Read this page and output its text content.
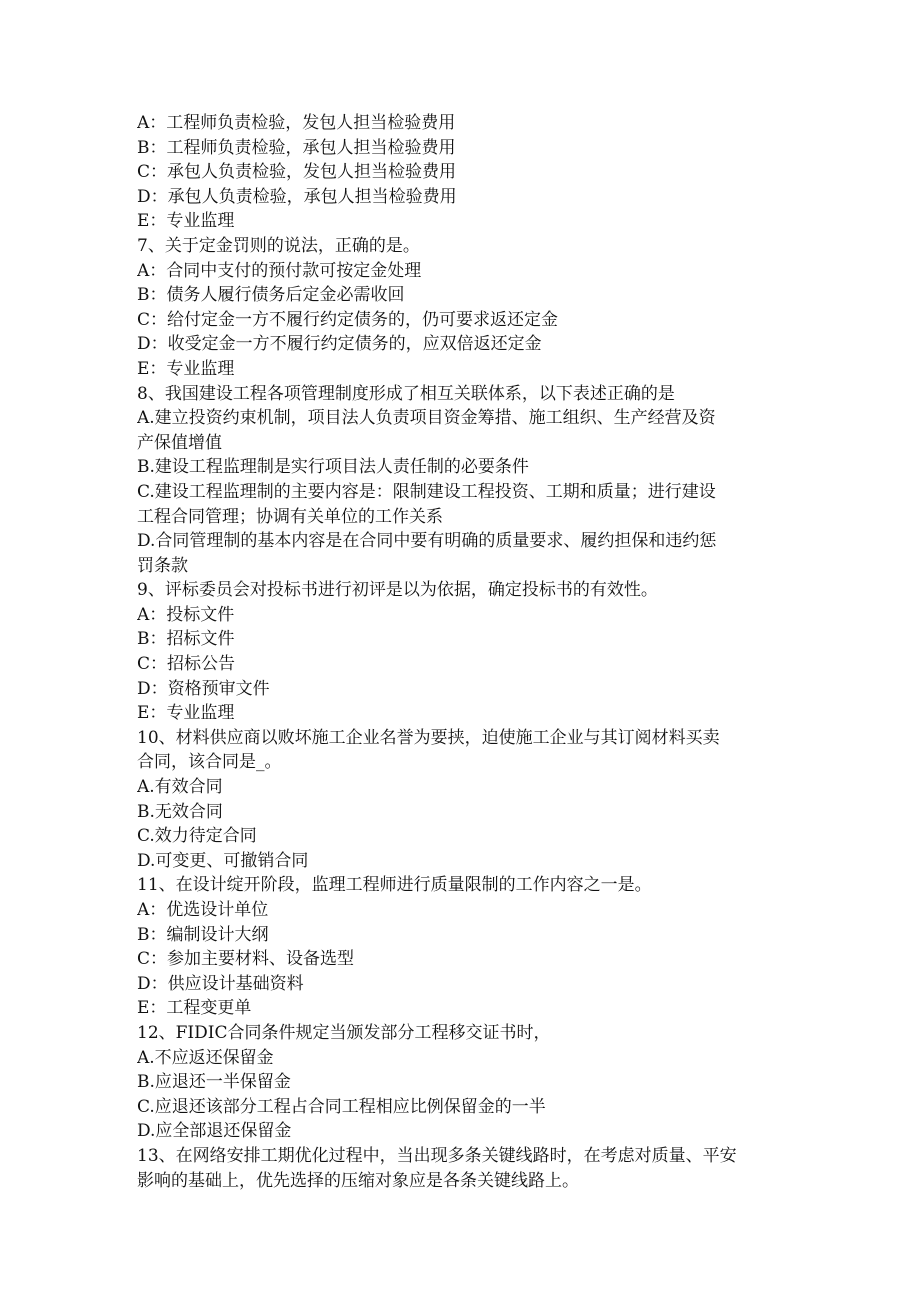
A：工程师负责检验，发包人担当检验费用
B：工程师负责检验，承包人担当检验费用
C：承包人负责检验，发包人担当检验费用
D：承包人负责检验，承包人担当检验费用
E：专业监理
7、关于定金罚则的说法，正确的是。
A：合同中支付的预付款可按定金处理
B：债务人履行债务后定金必需收回
C：给付定金一方不履行约定债务的，仍可要求返还定金
D：收受定金一方不履行约定债务的，应双倍返还定金
E：专业监理
8、我国建设工程各项管理制度形成了相互关联体系，以下表述正确的是
A.建立投资约束机制，项目法人负责项目资金筹措、施工组织、生产经营及资
产保值增值
B.建设工程监理制是实行项目法人责任制的必要条件
C.建设工程监理制的主要内容是：限制建设工程投资、工期和质量；进行建设
工程合同管理；协调有关单位的工作关系
D.合同管理制的基本内容是在合同中要有明确的质量要求、履约担保和违约惩
罚条款
9、评标委员会对投标书进行初评是以为依据，确定投标书的有效性。
A：投标文件
B：招标文件
C：招标公告
D：资格预审文件
E：专业监理
10、材料供应商以败坏施工企业名誉为要挟，迫使施工企业与其订阅材料买卖
合同，该合同是_。
A.有效合同
B.无效合同
C.效力待定合同
D.可变更、可撤销合同
11、在设计绽开阶段，监理工程师进行质量限制的工作内容之一是。
A：优选设计单位
B：编制设计大纲
C：参加主要材料、设备选型
D：供应设计基础资料
E：工程变更单
12、FIDIC合同条件规定当颁发部分工程移交证书时，
A.不应返还保留金
B.应退还一半保留金
C.应退还该部分工程占合同工程相应比例保留金的一半
D.应全部退还保留金
13、在网络安排工期优化过程中，当出现多条关键线路时，在考虑对质量、平安
影响的基础上，优先选择的压缩对象应是各条关键线路上。
